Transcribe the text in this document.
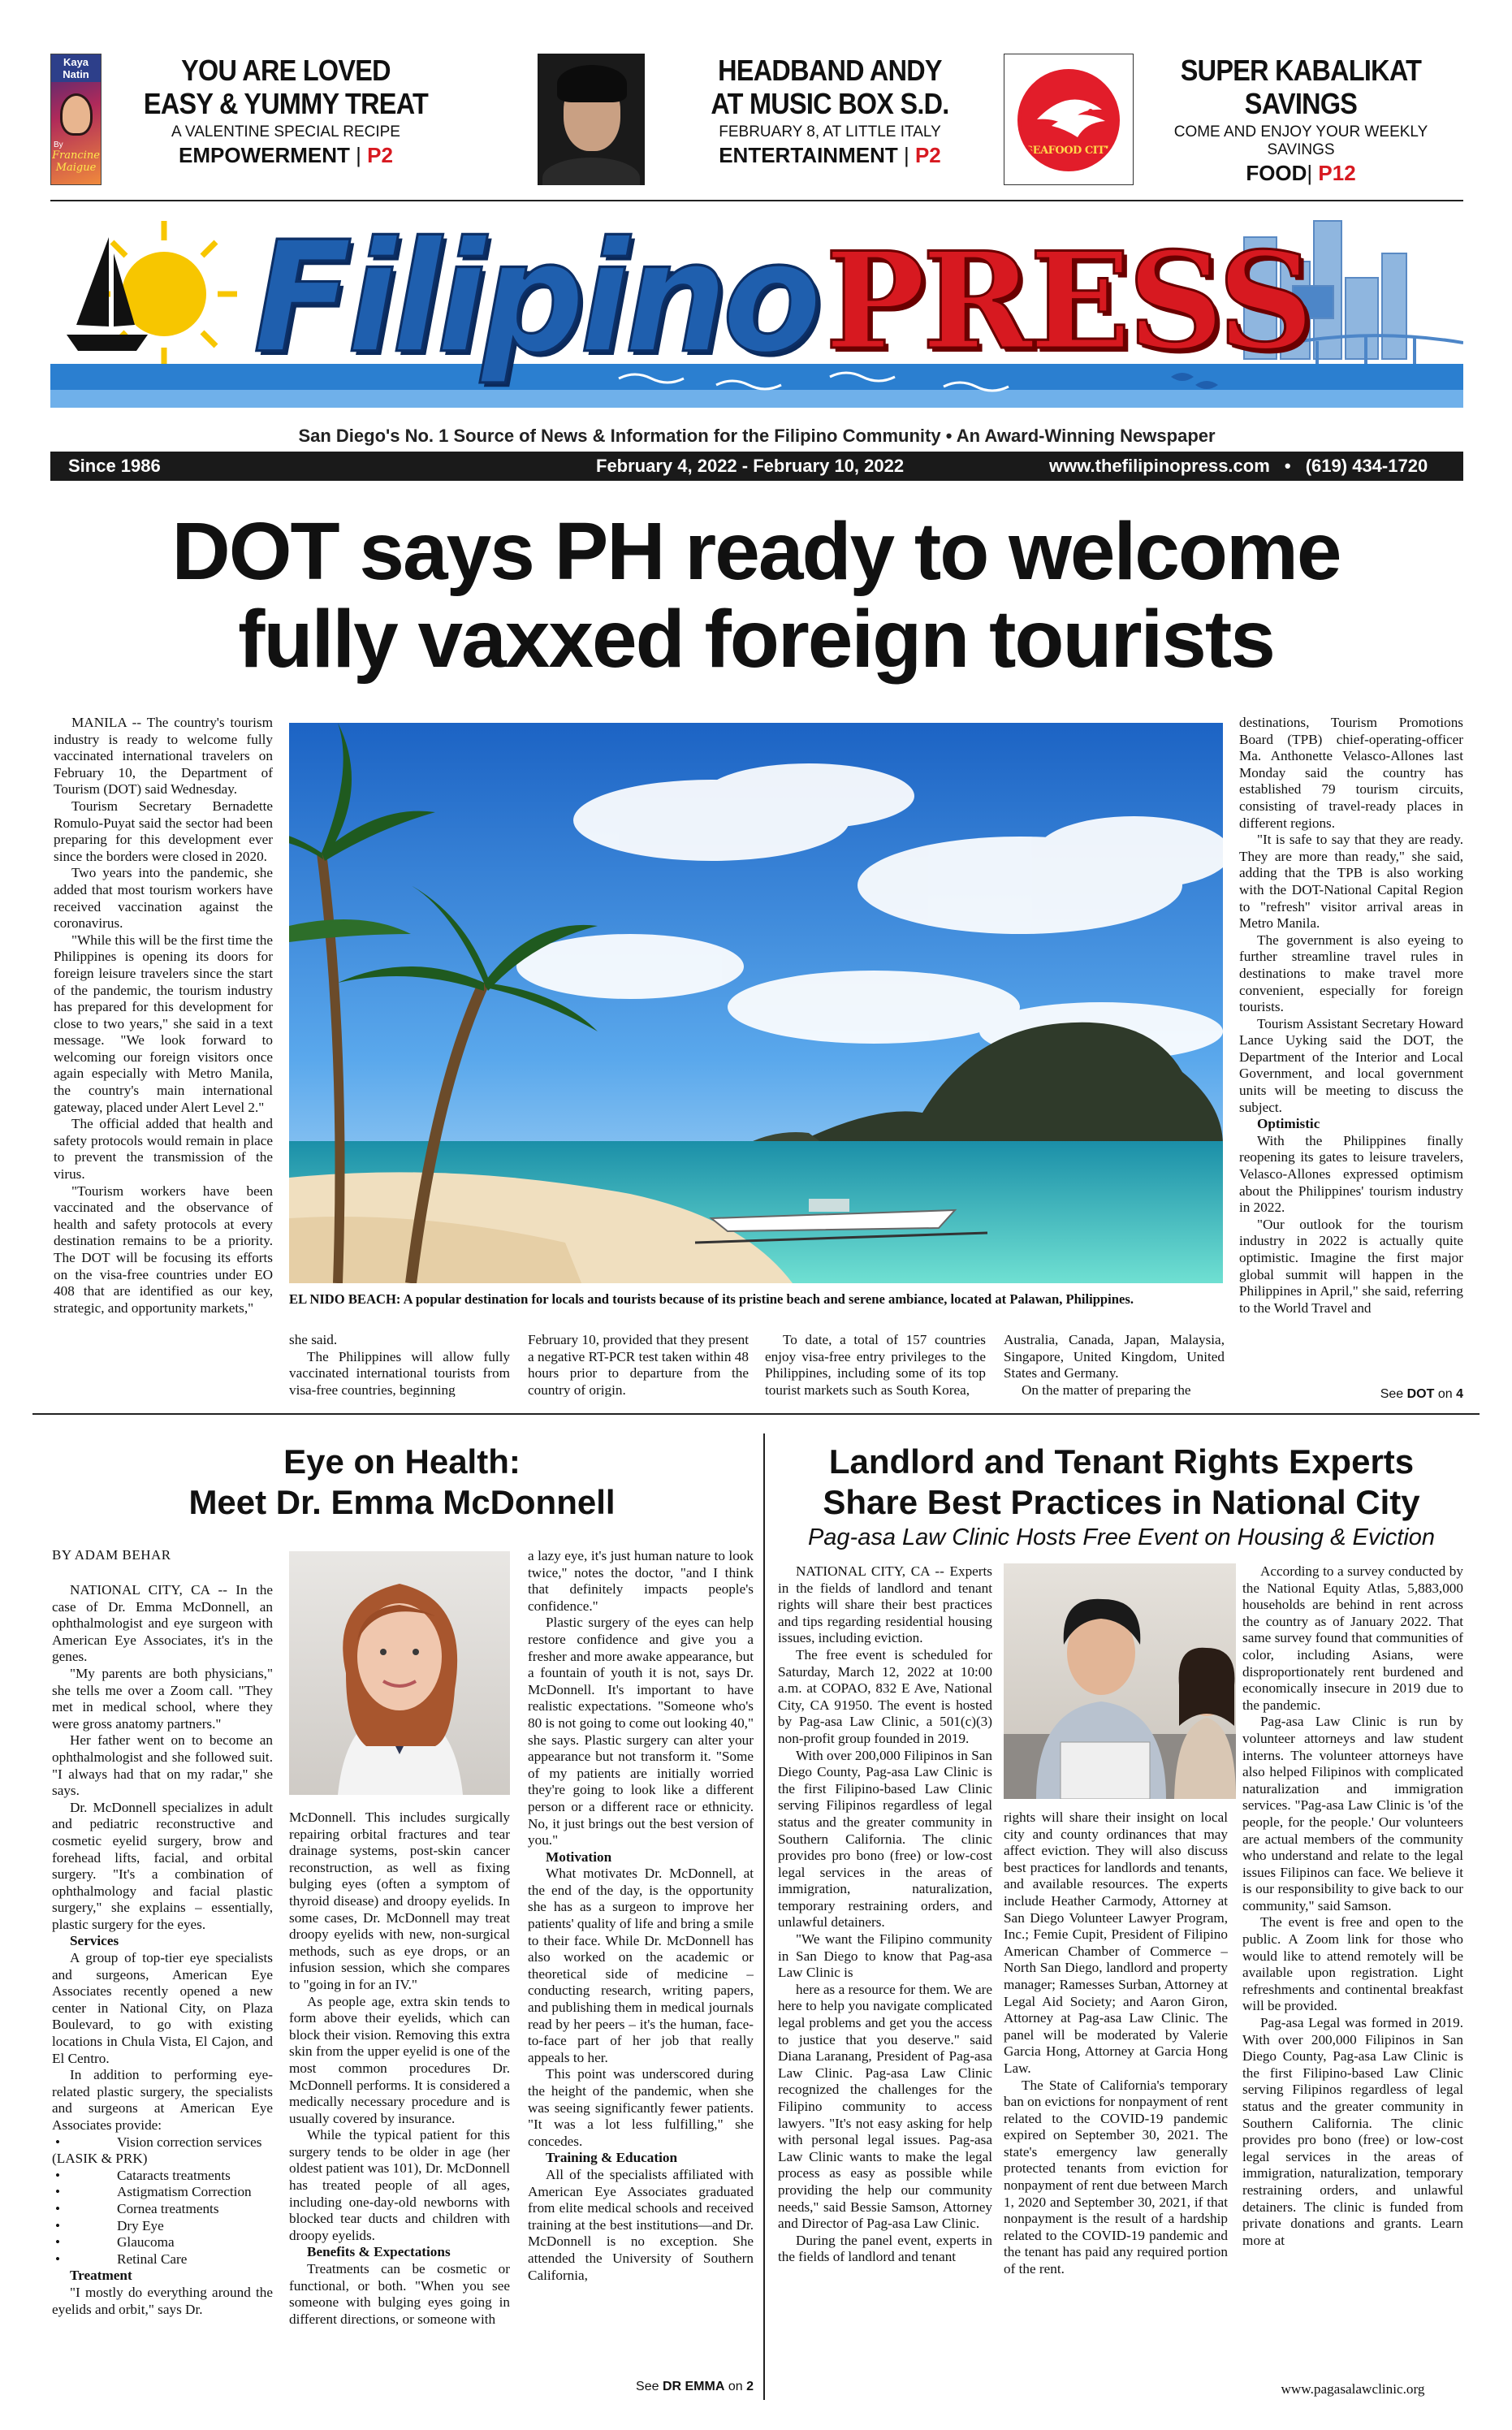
Kaya Natin
By
Francine
Maigue
YOU ARE LOVED
EASY & YUMMY TREAT
A VALENTINE SPECIAL RECIPE
EMPOWERMENT | P2
HEADBAND ANDY
AT MUSIC BOX S.D.
FEBRUARY 8, AT LITTLE ITALY
ENTERTAINMENT | P2	SEAFOOD CITY
SUPER KABALIKAT
SAVINGS
COME AND ENJOY YOUR WEEKLY SAVINGS
FOOD| P12
FilipinoPRESS
San Diego's No. 1 Source of News & Information for the Filipino Community • An Award-Winning Newspaper
Since 1986	February 4, 2022 - February 10, 2022	www.thefilipinopress.com • (619) 434-1720
DOT says PH ready to welcome
fully vaxxed foreign tourists

MANILA -- The country's tourism industry is ready to welcome fully vaccinated international travelers on February 10, the Department of Tourism (DOT) said Wednesday.

Tourism Secretary Bernadette Romulo-Puyat said the sector had been preparing for this development ever since the borders were closed in 2020.

Two years into the pandemic, she added that most tourism workers have received vaccination against the coronavirus.

"While this will be the first time the Philippines is opening its doors for foreign leisure travelers since the start of the pandemic, the tourism industry has prepared for this development for close to two years," she said in a text message. "We look forward to welcoming our foreign visitors once again especially with Metro Manila, the country's main international gateway, placed under Alert Level 2."

The official added that health and safety protocols would remain in place to prevent the transmission of the virus.

"Tourism workers have been vaccinated and the observance of health and safety protocols at every destination remains to be a priority. The DOT will be focusing its efforts on the visa-free countries under EO 408 that are identified as our key, strategic, and opportunity markets,"

EL NIDO BEACH: A popular destination for locals and tourists because of its pristine beach and serene ambiance, located at Palawan, Philippines.

she said.

The Philippines will allow fully vaccinated international tourists from visa-free countries, beginning

February 10, provided that they present a negative RT-PCR test taken within 48 hours prior to departure from the country of origin.

To date, a total of 157 countries enjoy visa-free entry privileges to the Philippines, including some of its top tourist markets such as South Korea,

Australia, Canada, Japan, Malaysia, Singapore, United Kingdom, United States and Germany.

On the matter of preparing the

destinations, Tourism Promotions Board (TPB) chief-operating-officer Ma. Anthonette Velasco-Allones last Monday said the country has established 79 tourism circuits, consisting of travel-ready places in different regions.

"It is safe to say that they are ready. They are more than ready," she said, adding that the TPB is also working with the DOT-National Capital Region to "refresh" visitor arrival areas in Metro Manila.

The government is also eyeing to further streamline travel rules in destinations to make travel more convenient, especially for foreign tourists.

Tourism Assistant Secretary Howard Lance Uyking said the DOT, the Department of the Interior and Local Government, and local government units will be meeting to discuss the subject.

Optimistic

With the Philippines finally reopening its gates to leisure travelers, Velasco-Allones expressed optimism about the Philippines' tourism industry in 2022.

"Our outlook for the tourism industry in 2022 is actually quite optimistic. Imagine the first major global summit will happen in the Philippines in April," she said, referring to the World Travel and

See DOT on 4
Eye on Health:
Meet Dr. Emma McDonnell
BY ADAM BEHAR

NATIONAL CITY, CA -- In the case of Dr. Emma McDonnell, an ophthalmologist and eye surgeon with American Eye Associates, it's in the genes.

"My parents are both physicians," she tells me over a Zoom call. "They met in medical school, where they were gross anatomy partners."

Her father went on to become an ophthalmologist and she followed suit. "I always had that on my radar," she says.

Dr. McDonnell specializes in adult and pediatric reconstructive and cosmetic eyelid surgery, brow and forehead lifts, facial, and orbital surgery. "It's a combination of ophthalmology and facial plastic surgery," she explains – essentially, plastic surgery for the eyes.

Services

A group of top-tier eye specialists and surgeons, American Eye Associates recently opened a new center in National City, on Plaza Boulevard, to go with existing locations in Chula Vista, El Cajon, and El Centro.

In addition to performing eye-related plastic surgery, the specialists and surgeons at American Eye Associates provide:

• Vision correction services

(LASIK & PRK)

• Cataracts treatments
• Astigmatism Correction
• Cornea treatments
• Dry Eye
• Glaucoma
• Retinal Care
Treatment

"I mostly do everything around the eyelids and orbit," says Dr.

McDonnell. This includes surgically repairing orbital fractures and tear drainage systems, post-skin cancer reconstruction, as well as fixing bulging eyes (often a symptom of thyroid disease) and droopy eyelids. In some cases, Dr. McDonnell may treat droopy eyelids with new, non-surgical methods, such as eye drops, or an infusion session, which she compares to "going in for an IV."

As people age, extra skin tends to form above their eyelids, which can block their vision. Removing this extra skin from the upper eyelid is one of the most common procedures Dr. McDonnell performs. It is considered a medically necessary procedure and is usually covered by insurance.

While the typical patient for this surgery tends to be older in age (her oldest patient was 101), Dr. McDonnell has treated people of all ages, including one-day-old newborns with blocked tear ducts and children with droopy eyelids.

Benefits & Expectations

Treatments can be cosmetic or functional, or both. "When you see someone with bulging eyes going in different directions, or someone with

a lazy eye, it's just human nature to look twice," notes the doctor, "and I think that definitely impacts people's confidence."

Plastic surgery of the eyes can help restore confidence and give you a fresher and more awake appearance, but a fountain of youth it is not, says Dr. McDonnell. It's important to have realistic expectations. "Someone who's 80 is not going to come out looking 40," she says. Plastic surgery can alter your appearance but not transform it. "Some of my patients are initially worried they're going to look like a different person or a different race or ethnicity. No, it just brings out the best version of you."

Motivation

What motivates Dr. McDonnell, at the end of the day, is the opportunity she has as a surgeon to improve her patients' quality of life and bring a smile to their face. While Dr. McDonnell has also worked on the academic or theoretical side of medicine – conducting research, writing papers, and publishing them in medical journals read by her peers – it's the human, face-to-face part of her job that really appeals to her.

This point was underscored during the height of the pandemic, when she was seeing significantly fewer patients. "It was a lot less fulfilling," she concedes.

Training & Education

All of the specialists affiliated with American Eye Associates graduated from elite medical schools and received training at the best institutions—and Dr. McDonnell is no exception. She attended the University of Southern California,

See DR EMMA on 2
Landlord and Tenant Rights Experts
Share Best Practices in National City
Pag-asa Law Clinic Hosts Free Event on Housing & Eviction

NATIONAL CITY, CA -- Experts in the fields of landlord and tenant rights will share their best practices and tips regarding residential housing issues, including eviction.

The free event is scheduled for Saturday, March 12, 2022 at 10:00 a.m. at COPAO, 832 E Ave, National City, CA 91950. The event is hosted by Pag-asa Law Clinic, a 501(c)(3) non-profit group founded in 2019.

With over 200,000 Filipinos in San Diego County, Pag-asa Law Clinic is the first Filipino-based Law Clinic serving Filipinos regardless of legal status and the greater community in Southern California. The clinic provides pro bono (free) or low-cost legal services in the areas of immigration, naturalization, temporary restraining orders, and unlawful detainers.

"We want the Filipino community in San Diego to know that Pag-asa Law Clinic is

here as a resource for them. We are here to help you navigate complicated legal problems and get you the access to justice that you deserve." said Diana Laranang, President of Pag-asa Law Clinic. Pag-asa Law Clinic recognized the challenges for the Filipino community to access lawyers. "It's not easy asking for help with personal legal issues. Pag-asa Law Clinic wants to make the legal process as easy as possible while providing the help our community needs," said Bessie Samson, Attorney and Director of Pag-asa Law Clinic.

During the panel event, experts in the fields of landlord and tenant

rights will share their insight on local city and county ordinances that may affect eviction. They will also discuss best practices for landlords and tenants, and available resources. The experts include Heather Carmody, Attorney at San Diego Volunteer Lawyer Program, Inc.; Femie Cupit, President of Filipino American Chamber of Commerce – North San Diego, landlord and property manager; Ramesses Surban, Attorney at Legal Aid Society; and Aaron Giron, Attorney at Pag-asa Law Clinic. The panel will be moderated by Valerie Garcia Hong, Attorney at Garcia Hong Law.

The State of California's temporary ban on evictions for nonpayment of rent related to the COVID-19 pandemic expired on September 30, 2021. The state's emergency law generally protected tenants from eviction for nonpayment of rent due between March 1, 2020 and September 30, 2021, if that nonpayment is the result of a hardship related to the COVID-19 pandemic and the tenant has paid any required portion of the rent.

According to a survey conducted by the National Equity Atlas, 5,883,000 households are behind in rent across the country as of January 2022. That same survey found that communities of color, including Asians, were disproportionately rent burdened and economically insecure in 2019 due to the pandemic.

Pag-asa Law Clinic is run by volunteer attorneys and law student interns. The volunteer attorneys have also helped Filipinos with complicated naturalization and immigration services. "Pag-asa Law Clinic is 'of the people, for the people.' Our volunteers are actual members of the community who understand and relate to the legal issues Filipinos can face. We believe it is our responsibility to give back to our community," said Samson.

The event is free and open to the public. A Zoom link for those who would like to attend remotely will be available upon registration. Light refreshments and continental breakfast will be provided.

Pag-asa Legal was formed in 2019. With over 200,000 Filipinos in San Diego County, Pag-asa Law Clinic is the first Filipino-based Law Clinic serving Filipinos regardless of legal status and the greater community in Southern California. The clinic provides pro bono (free) or low-cost legal services in the areas of immigration, naturalization, temporary restraining orders, and unlawful detainers. The clinic is funded from private donations and grants. Learn more at

www.pagasalawclinic.org
